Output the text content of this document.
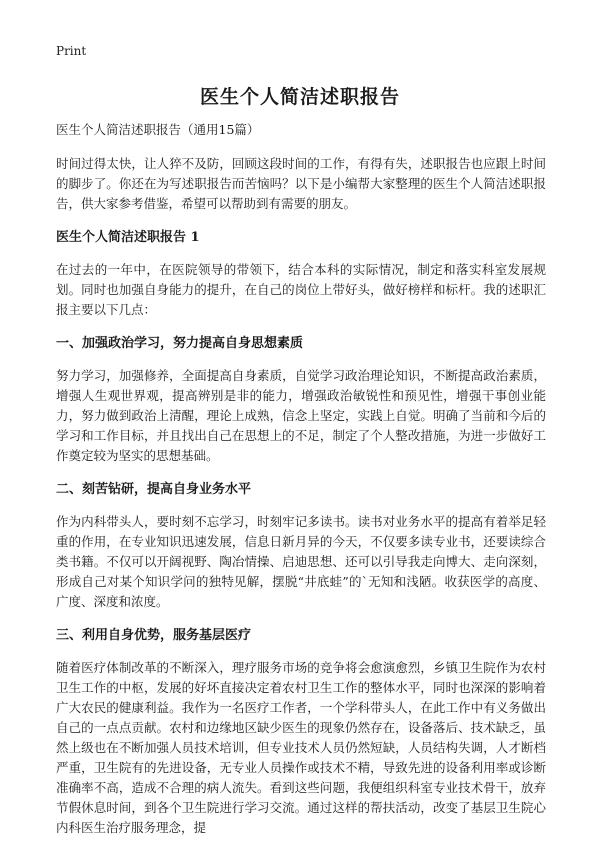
Print
医生个人简洁述职报告

医生个人简洁述职报告（通用15篇）

时间过得太快，让人猝不及防，回顾这段时间的工作，有得有失，述职报告也应跟上时间的脚步了。你还在为写述职报告而苦恼吗？以下是小编帮大家整理的医生个人简洁述职报告，供大家参考借鉴，希望可以帮助到有需要的朋友。

医生个人简洁述职报告 1

在过去的一年中，在医院领导的带领下，结合本科的实际情况，制定和落实科室发展规划。同时也加强自身能力的提升，在自己的岗位上带好头，做好榜样和标杆。我的述职汇报主要以下几点：

一、加强政治学习，努力提高自身思想素质

努力学习，加强修养，全面提高自身素质，自觉学习政治理论知识，不断提高政治素质，增强人生观世界观，提高辨别是非的能力，增强政治敏锐性和预见性，增强干事创业能力，努力做到政治上清醒，理论上成熟，信念上坚定，实践上自觉。明确了当前和今后的学习和工作目标，并且找出自己在思想上的不足，制定了个人整改措施，为进一步做好工作奠定较为坚实的思想基础。

二、刻苦钻研，提高自身业务水平

作为内科带头人，要时刻不忘学习，时刻牢记多读书。读书对业务水平的提高有着举足轻重的作用，在专业知识迅速发展，信息日新月异的今天，不仅要多读专业书，还要读综合类书籍。不仅可以开阔视野、陶冶情操、启迪思想、还可以引导我走向博大、走向深刻，形成自己对某个知识学问的独特见解，摆脱“井底蛙”的`无知和浅陋。收获医学的高度、广度、深度和浓度。

三、利用自身优势，服务基层医疗

随着医疗体制改革的不断深入，理疗服务市场的竞争将会愈演愈烈，乡镇卫生院作为农村卫生工作的中枢，发展的好坏直接决定着农村卫生工作的整体水平，同时也深深的影响着广大农民的健康利益。我作为一名医疗工作者，一个学科带头人，在此工作中有义务做出自己的一点点贡献。农村和边缘地区缺少医生的现象仍然存在，设备落后、技术缺乏，虽然上级也在不断加强人员技术培训，但专业技术人员仍然短缺，人员结构失调，人才断档严重，卫生院有的先进设备，无专业人员操作或技术不精，导致先进的设备利用率或诊断准确率不高，造成不合理的病人流失。看到这些问题，我便组织科室专业技术骨干，放弃节假休息时间，到各个卫生院进行学习交流。通过这样的帮扶活动，改变了基层卫生院心内科医生治疗服务理念，提
